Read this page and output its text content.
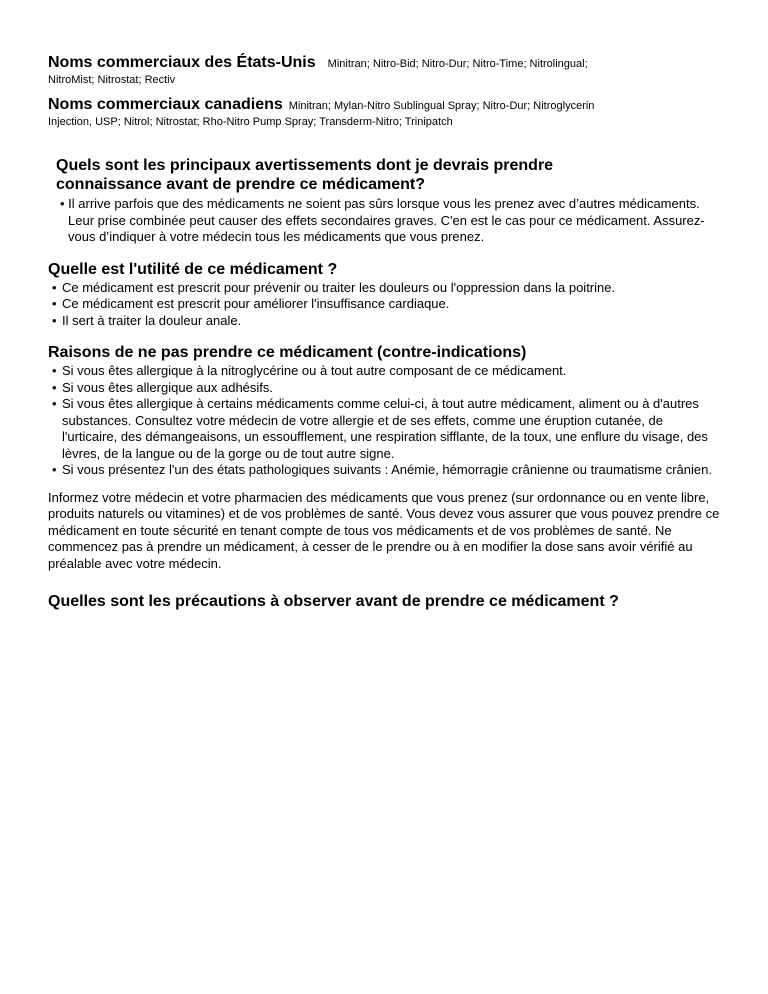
Noms commerciaux des États-Unis Minitran; Nitro-Bid; Nitro-Dur; Nitro-Time; Nitrolingual;
NitroMist; Nitrostat; Rectiv
Noms commerciaux canadiens Minitran; Mylan-Nitro Sublingual Spray; Nitro-Dur; Nitroglycerin
Injection, USP; Nitrol; Nitrostat; Rho-Nitro Pump Spray; Transderm-Nitro; Trinipatch
Quels sont les principaux avertissements dont je devrais prendre
connaissance avant de prendre ce médicament?
• Il arrive parfois que des médicaments ne soient pas sûrs lorsque vous les prenez avec d’autres médicaments. Leur prise combinée peut causer des effets secondaires graves. C'en est le cas pour ce médicament. Assurez-vous d’indiquer à votre médecin tous les médicaments que vous prenez.
Quelle est l'utilité de ce médicament ?
• Ce médicament est prescrit pour prévenir ou traiter les douleurs ou l'oppression dans la poitrine.
• Ce médicament est prescrit pour améliorer l'insuffisance cardiaque.
• Il sert à traiter la douleur anale.
Raisons de ne pas prendre ce médicament (contre-indications)
• Si vous êtes allergique à la nitroglycérine ou à tout autre composant de ce médicament.
• Si vous êtes allergique aux adhésifs.
• Si vous êtes allergique à certains médicaments comme celui-ci, à tout autre médicament, aliment ou à d'autres substances. Consultez votre médecin de votre allergie et de ses effets, comme une éruption cutanée, de l'urticaire, des démangeaisons, un essoufflement, une respiration sifflante, de la toux, une enflure du visage, des lèvres, de la langue ou de la gorge ou de tout autre signe.
• Si vous présentez l'un des états pathologiques suivants : Anémie, hémorragie crânienne ou traumatisme crânien.

Informez votre médecin et votre pharmacien des médicaments que vous prenez (sur ordonnance ou en vente libre, produits naturels ou vitamines) et de vos problèmes de santé. Vous devez vous assurer que vous pouvez prendre ce médicament en toute sécurité en tenant compte de tous vos médicaments et de vos problèmes de santé. Ne commencez pas à prendre un médicament, à cesser de le prendre ou à en modifier la dose sans avoir vérifié au préalable avec votre médecin.

Quelles sont les précautions à observer avant de prendre ce médicament ?
